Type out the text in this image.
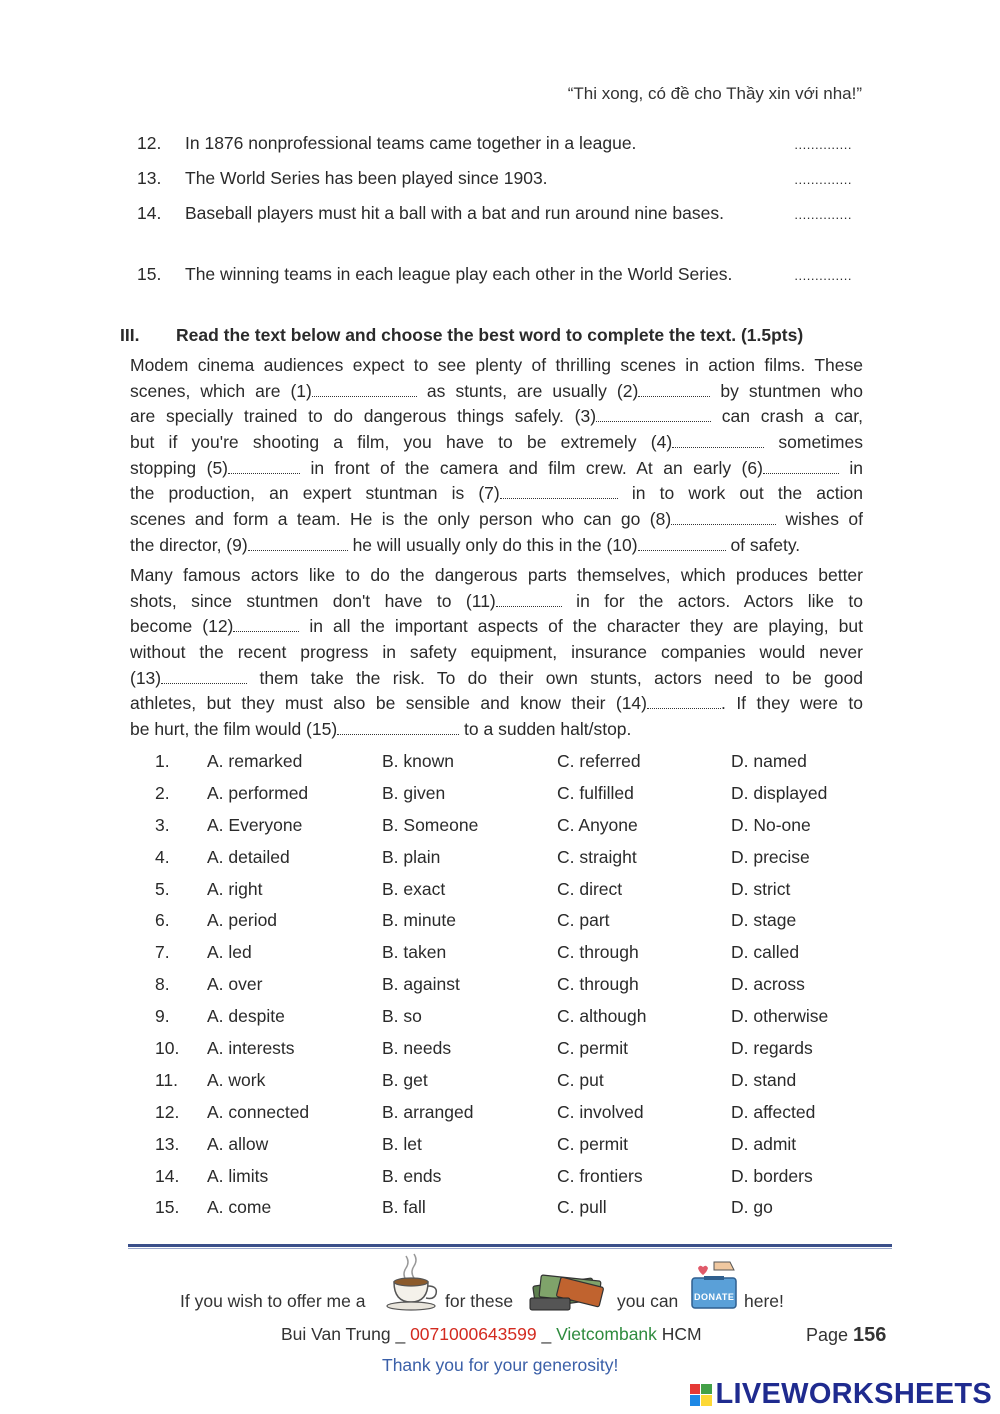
“Thi xong, có đề cho Thầy xin với nha!”
12.	In 1876 nonprofessional teams came together in a league.	..............
13.	The World Series has been played since 1903.	..............
14.	Baseball players must hit a ball with a bat and run around nine bases.	..............
15.	The winning teams in each league play each other in the World Series.	..............
III. Read the text below and choose the best word to complete the text. (1.5pts)
Modem cinema audiences expect to see plenty of thrilling scenes in action films. These
scenes, which are (1)	as stunts, are usually (2)	by stuntmen who
are specially trained to do dangerous things safely. (3)	can crash a car,
but if you're shooting a film, you have to be extremely (4)	sometimes
stopping (5)	in front of the camera and film crew. At an early (6)	in
the production, an expert stuntman is (7)	in to work out the action
scenes and form a team. He is the only person who can go (8)	wishes of
the director, (9)	he will usually only do this in the (10)	of safety.
Many famous actors like to do the dangerous parts themselves, which produces better
shots, since stuntmen don't have to (11)	in for the actors. Actors like to
become (12)	in all the important aspects of the character they are playing, but
without the recent progress in safety equipment, insurance companies would never
(13)	them take the risk. To do their own stunts, actors need to be good
athletes, but they must also be sensible and know their (14)	. If they were to
be hurt, the film would (15)	to a sudden halt/stop.
1. A. remarked	B. known	C. referred	D. named
2. A. performed	B. given	C. fulfilled	D. displayed
3. A. Everyone	B. Someone	C. Anyone	D. No-one
4. A. detailed	B. plain	C. straight	D. precise
5. A. right	B. exact	C. direct	D. strict
6. A. period	B. minute	C. part	D. stage
7. A. led	B. taken	C. through	D. called
8. A. over	B. against	C. through	D. across
9. A. despite	B. so	C. although	D. otherwise
10. A. interests	B. needs	C. permit	D. regards
11. A. work	B. get	C. put	D. stand
12. A. connected	B. arranged	C. involved	D. affected
13. A. allow	B. let	C. permit	D. admit
14. A. limits	B. ends	C. frontiers	D. borders
15. A. come	B. fall	C. pull	D. go
If you wish to offer me a	for these	you can DONATE here!
Bui Van Trung _ 0071000643599 _ Vietcombank HCM	Page 156
Thank you for your generosity!
LIVEWORKSHEETS
